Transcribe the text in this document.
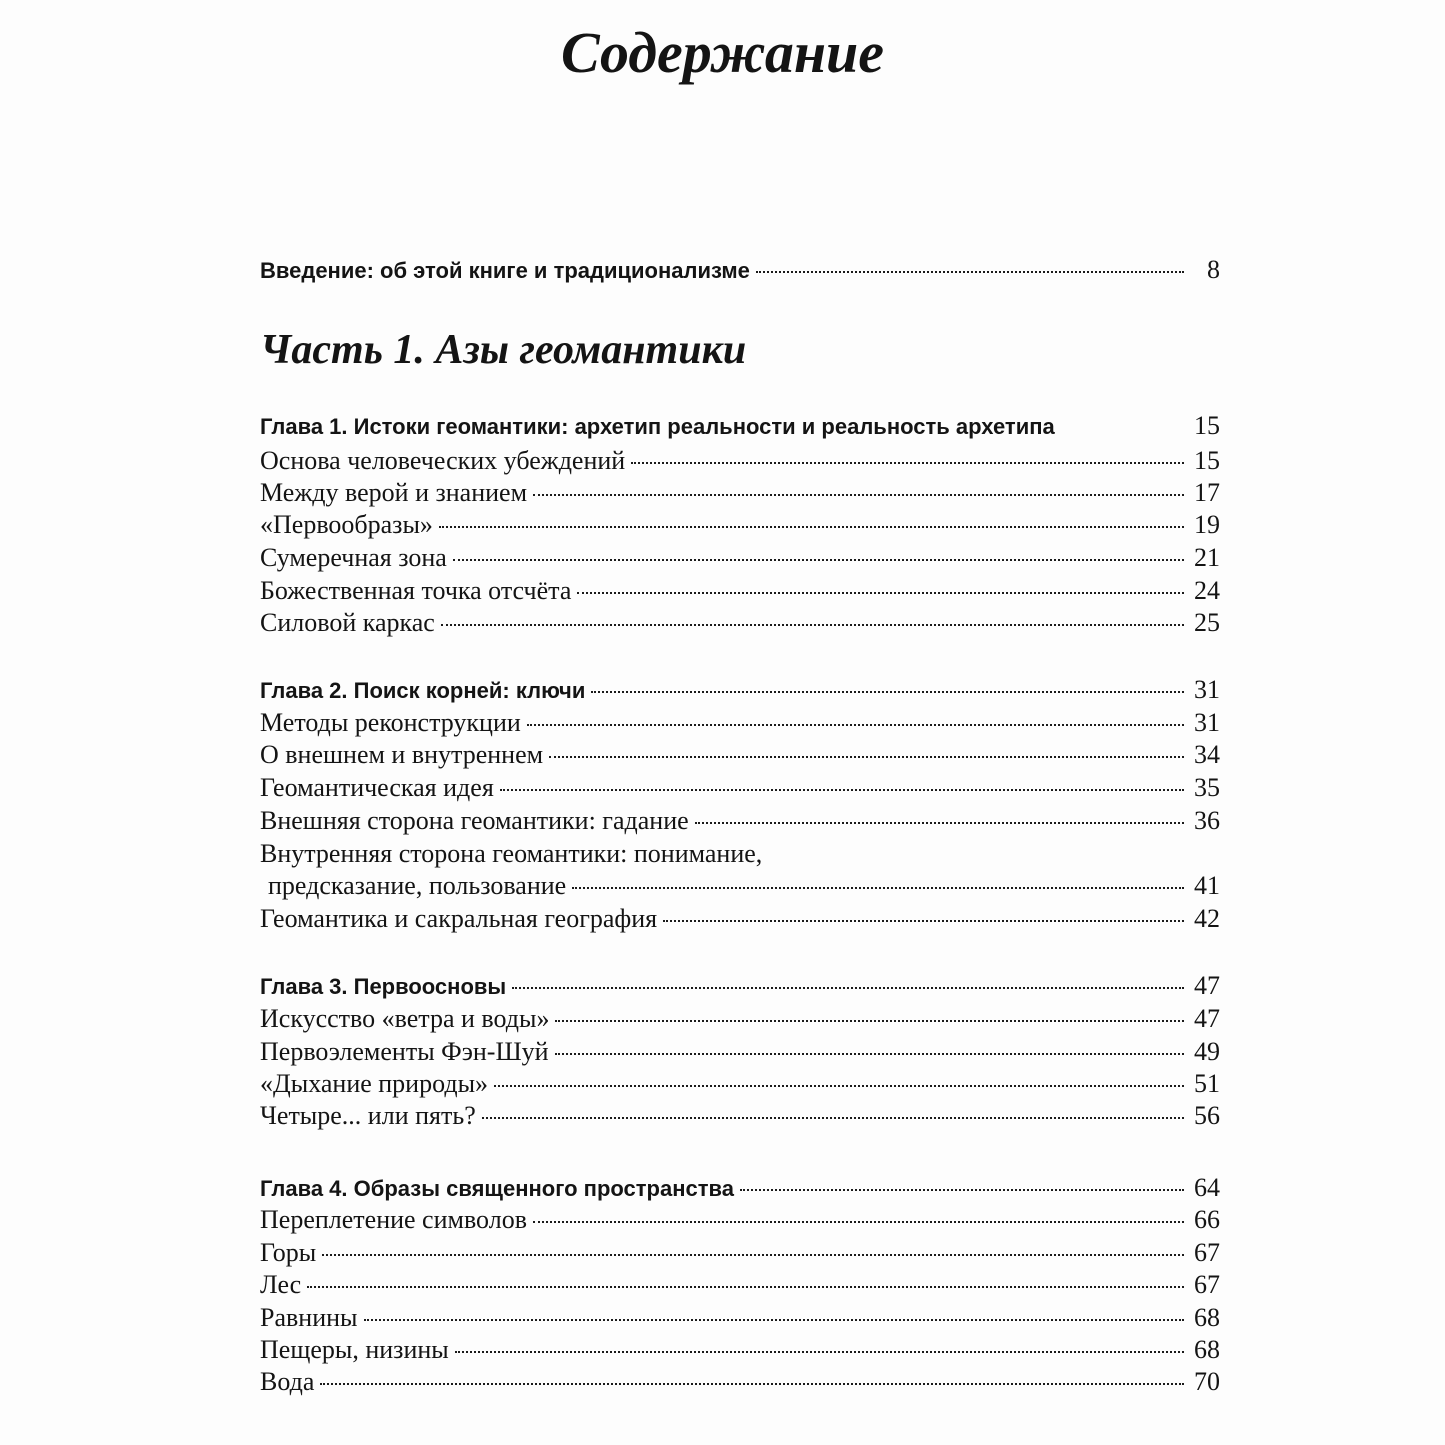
Содержание
Введение: об этой книге и традиционализме	8
Часть 1. Азы геомантики
Глава 1. Истоки геомантики: архетип реальности и реальность архетипа	15
Основа человеческих убеждений	15
Между верой и знанием	17
«Первообразы»	19
Сумеречная зона	21
Божественная точка отсчёта	24
Силовой каркас	25
Глава 2. Поиск корней: ключи	31
Методы реконструкции	31
О внешнем и внутреннем	34
Геомантическая идея	35
Внешняя сторона геомантики: гадание	36
Внутренняя сторона геомантики: понимание,
предсказание, пользование	41
Геомантика и сакральная география	42
Глава 3. Первоосновы	47
Искусство «ветра и воды»	47
Первоэлементы Фэн-Шуй	49
«Дыхание природы»	51
Четыре... или пять?	56
Глава 4. Образы священного пространства	64
Переплетение символов	66
Горы	67
Лес	67
Равнины	68
Пещеры, низины	68
Вода	70
